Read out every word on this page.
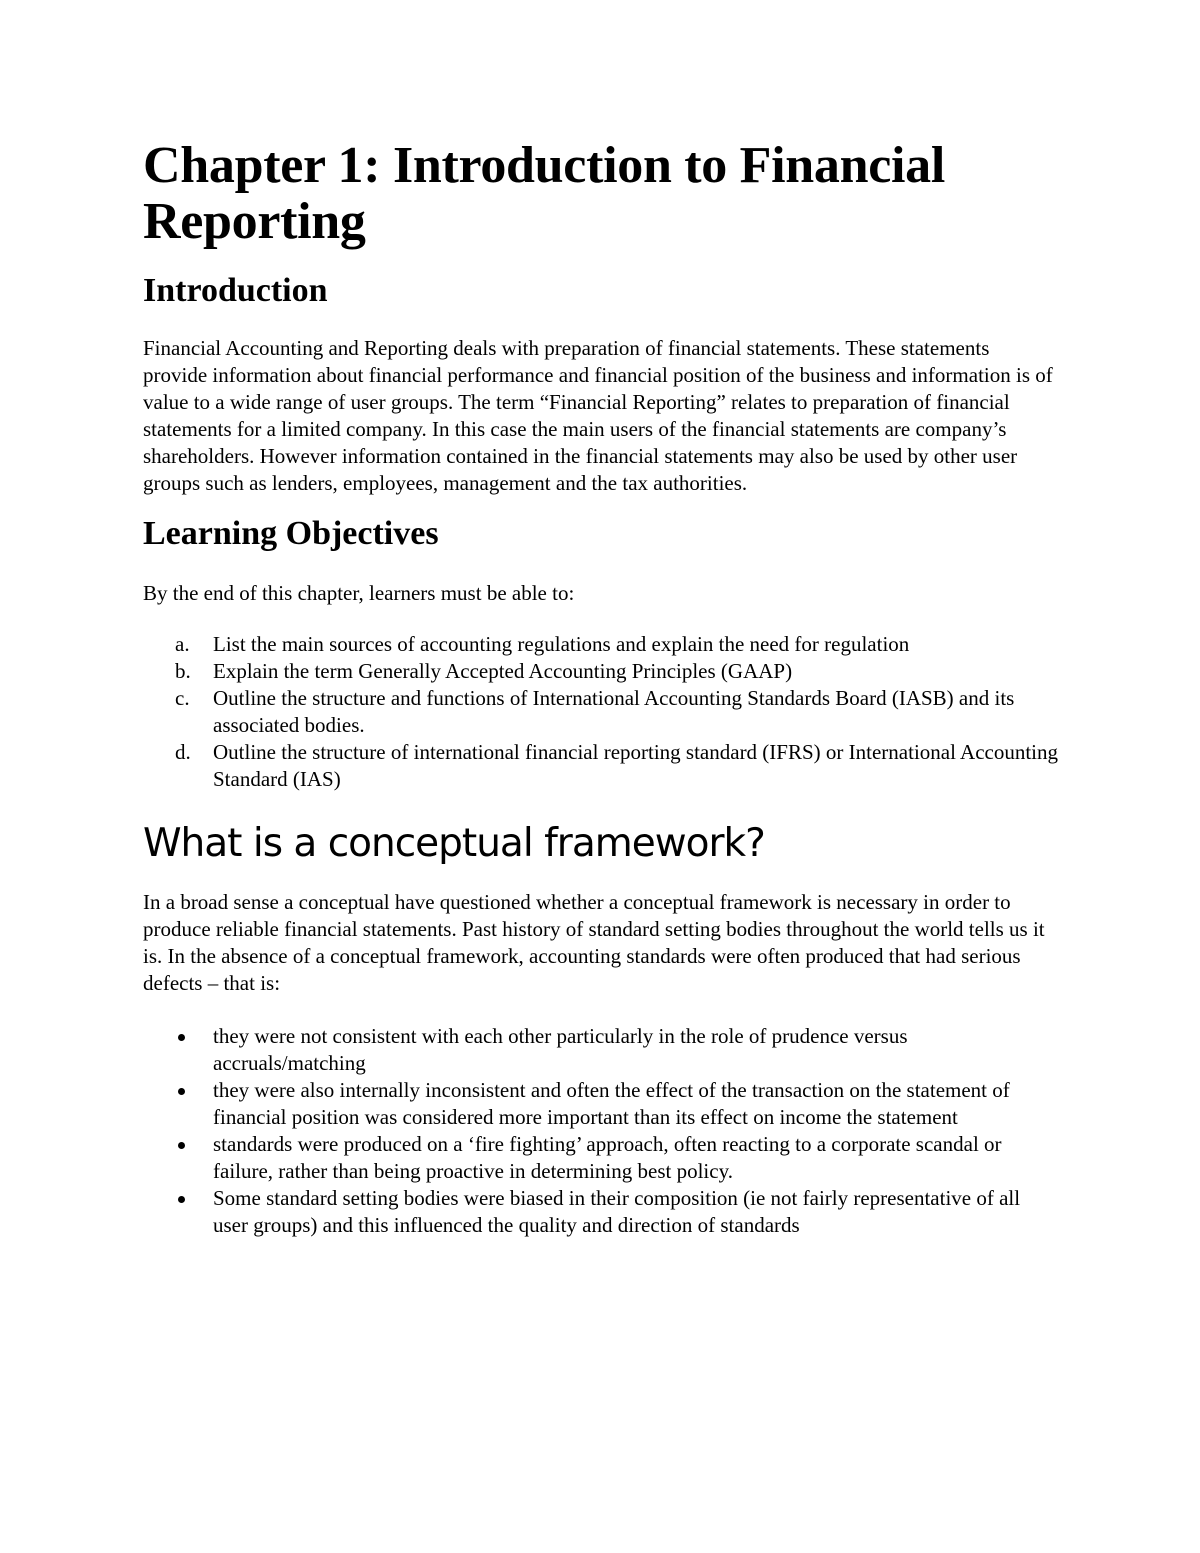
Chapter 1: Introduction to Financial Reporting
Introduction

Financial Accounting and Reporting deals with preparation of financial statements. These statements provide information about financial performance and financial position of the business and information is of value to a wide range of user groups. The term “Financial Reporting” relates to preparation of financial statements for a limited company. In this case the main users of the financial statements are company’s shareholders. However information contained in the financial statements may also be used by other user groups such as lenders, employees, management and the tax authorities.

Learning Objectives

By the end of this chapter, learners must be able to:

a. List the main sources of accounting regulations and explain the need for regulation
b. Explain the term Generally Accepted Accounting Principles (GAAP)
c. Outline the structure and functions of International Accounting Standards Board (IASB) and its associated bodies.
d. Outline the structure of international financial reporting standard (IFRS) or International Accounting Standard (IAS)
What is a conceptual framework?

In a broad sense a conceptual have questioned whether a conceptual framework is necessary in order to produce reliable financial statements. Past history of standard setting bodies throughout the world tells us it is. In the absence of a conceptual framework, accounting standards were often produced that had serious defects – that is:

they were not consistent with each other particularly in the role of prudence versus accruals/matching
they were also internally inconsistent and often the effect of the transaction on the statement of financial position was considered more important than its effect on income the statement
standards were produced on a ‘fire fighting’ approach, often reacting to a corporate scandal or failure, rather than being proactive in determining best policy.
Some standard setting bodies were biased in their composition (ie not fairly representative of all user groups) and this influenced the quality and direction of standards
